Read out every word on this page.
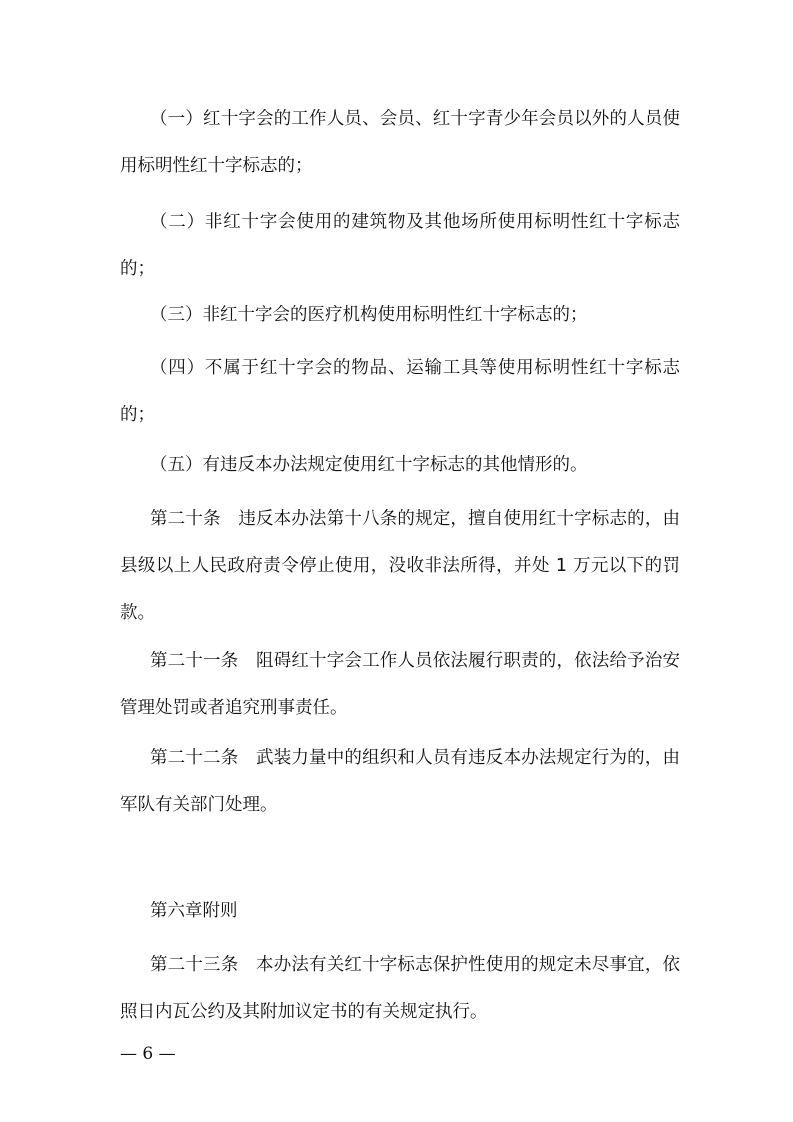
（一）红十字会的工作人员、会员、红十字青少年会员以外的人员使用标明性红十字标志的；

（二）非红十字会使用的建筑物及其他场所使用标明性红十字标志的；

（三）非红十字会的医疗机构使用标明性红十字标志的；

（四）不属于红十字会的物品、运输工具等使用标明性红十字标志的；

（五）有违反本办法规定使用红十字标志的其他情形的。

第二十条　违反本办法第十八条的规定，擅自使用红十字标志的，由县级以上人民政府责令停止使用，没收非法所得，并处 1 万元以下的罚款。

第二十一条　阻碍红十字会工作人员依法履行职责的，依法给予治安管理处罚或者追究刑事责任。

第二十二条　武装力量中的组织和人员有违反本办法规定行为的，由军队有关部门处理。

第六章附则

第二十三条　本办法有关红十字标志保护性使用的规定未尽事宜，依照日内瓦公约及其附加议定书的有关规定执行。

— 6 —
